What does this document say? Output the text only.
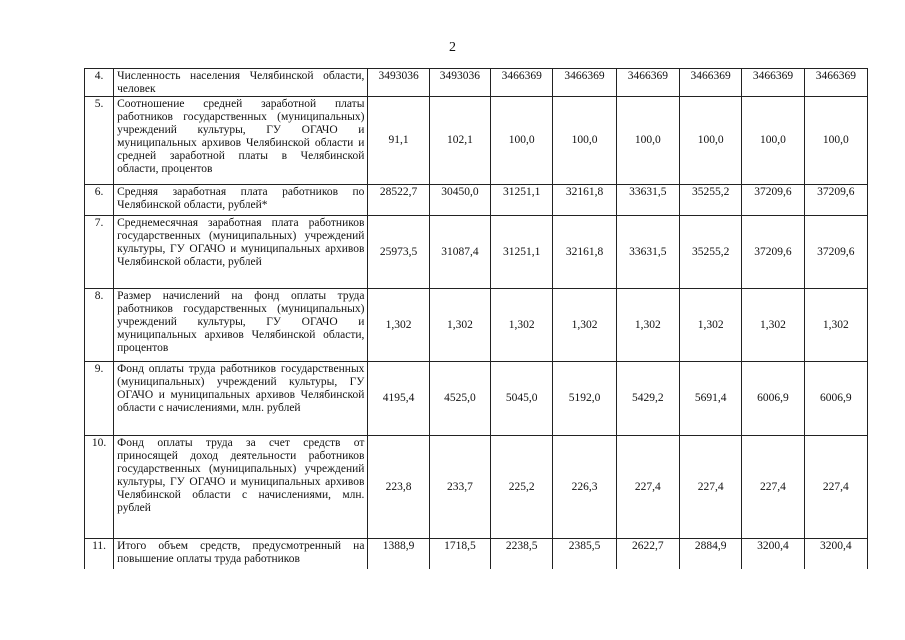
2
4.	Численность населения Челябинской области, человек	3493036	3493036	3466369	3466369	3466369	3466369	3466369	3466369
5.	Соотношение средней заработной платы работников государственных (муниципальных) учреждений культуры, ГУ ОГАЧО и муниципальных архивов Челябинской области и средней заработной платы в Челябинской области, процентов	91,1	102,1	100,0	100,0	100,0	100,0	100,0	100,0
6.	Средняя заработная плата работников по Челябинской области, рублей*	28522,7	30450,0	31251,1	32161,8	33631,5	35255,2	37209,6	37209,6
7.	Среднемесячная заработная плата работников государственных (муниципальных) учреждений культуры, ГУ ОГАЧО и муниципальных архивов Челябинской области, рублей	25973,5	31087,4	31251,1	32161,8	33631,5	35255,2	37209,6	37209,6
8.	Размер начислений на фонд оплаты труда работников государственных (муниципальных) учреждений культуры, ГУ ОГАЧО и муниципальных архивов Челябинской области, процентов	1,302	1,302	1,302	1,302	1,302	1,302	1,302	1,302
9.	Фонд оплаты труда работников государственных (муниципальных) учреждений культуры, ГУ ОГАЧО и муниципальных архивов Челябинской области с начислениями, млн. рублей	4195,4	4525,0	5045,0	5192,0	5429,2	5691,4	6006,9	6006,9
10.	Фонд оплаты труда за счет средств от приносящей доход деятельности работников государственных (муниципальных) учреждений культуры, ГУ ОГАЧО и муниципальных архивов Челябинской области с начислениями, млн. рублей	223,8	233,7	225,2	226,3	227,4	227,4	227,4	227,4
11.	Итого объем средств, предусмотренный на повышение оплаты труда работников	1388,9	1718,5	2238,5	2385,5	2622,7	2884,9	3200,4	3200,4
